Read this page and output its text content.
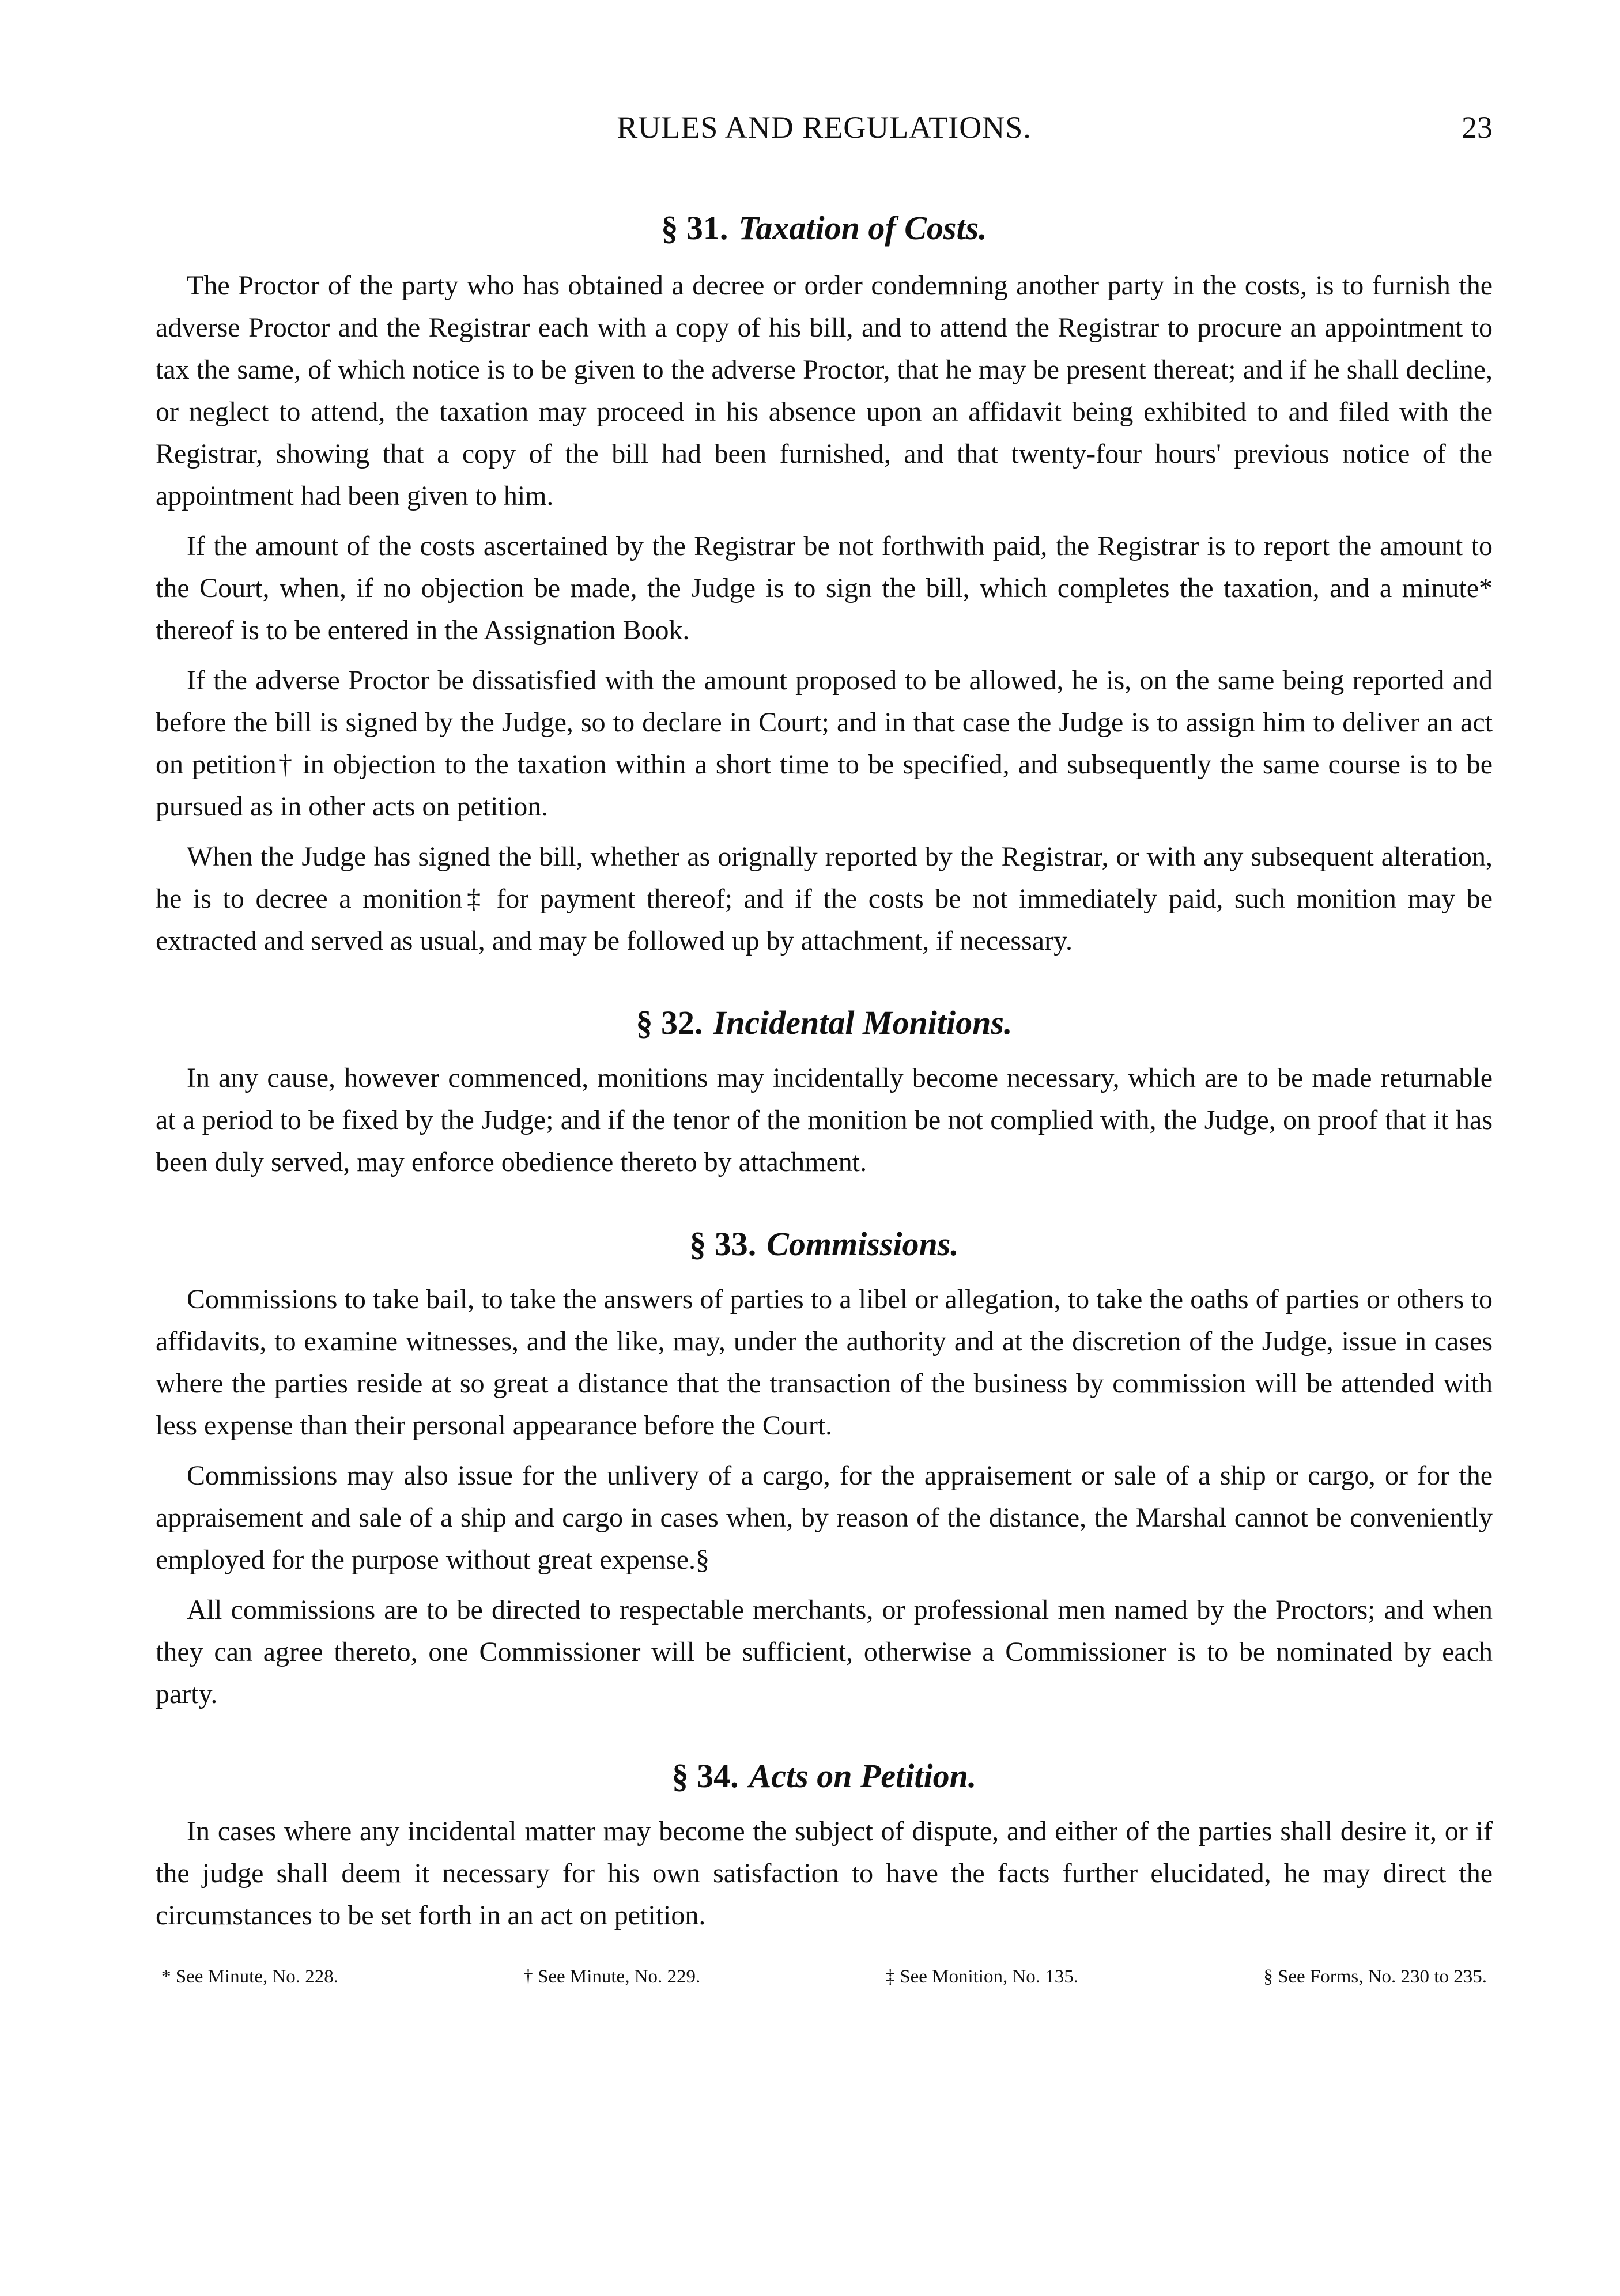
RULES AND REGULATIONS.	23
§ 31. Taxation of Costs.

The Proctor of the party who has obtained a decree or order condemning another party in the costs, is to furnish the adverse Proctor and the Registrar each with a copy of his bill, and to attend the Registrar to procure an appointment to tax the same, of which notice is to be given to the adverse Proctor, that he may be present thereat; and if he shall decline, or neglect to attend, the taxation may proceed in his absence upon an affidavit being exhibited to and filed with the Registrar, showing that a copy of the bill had been furnished, and that twenty-four hours' previous notice of the appointment had been given to him.

If the amount of the costs ascertained by the Registrar be not forthwith paid, the Registrar is to report the amount to the Court, when, if no objection be made, the Judge is to sign the bill, which completes the taxation, and a minute* thereof is to be entered in the Assignation Book.

If the adverse Proctor be dissatisfied with the amount proposed to be allowed, he is, on the same being reported and before the bill is signed by the Judge, so to declare in Court; and in that case the Judge is to assign him to deliver an act on petition† in objection to the taxation within a short time to be specified, and subsequently the same course is to be pursued as in other acts on petition.

When the Judge has signed the bill, whether as orignally reported by the Registrar, or with any subsequent alteration, he is to decree a monition‡ for payment thereof; and if the costs be not immediately paid, such monition may be extracted and served as usual, and may be followed up by attachment, if necessary.

§ 32. Incidental Monitions.

In any cause, however commenced, monitions may incidentally become necessary, which are to be made returnable at a period to be fixed by the Judge; and if the tenor of the monition be not complied with, the Judge, on proof that it has been duly served, may enforce obedience thereto by attachment.

§ 33. Commissions.

Commissions to take bail, to take the answers of parties to a libel or allegation, to take the oaths of parties or others to affidavits, to examine witnesses, and the like, may, under the authority and at the discretion of the Judge, issue in cases where the parties reside at so great a distance that the transaction of the business by commission will be attended with less expense than their personal appearance before the Court.

Commissions may also issue for the unlivery of a cargo, for the appraisement or sale of a ship or cargo, or for the appraisement and sale of a ship and cargo in cases when, by reason of the distance, the Marshal cannot be conveniently employed for the purpose without great expense.§

All commissions are to be directed to respectable merchants, or professional men named by the Proctors; and when they can agree thereto, one Commissioner will be sufficient, otherwise a Commissioner is to be nominated by each party.

§ 34. Acts on Petition.

In cases where any incidental matter may become the subject of dispute, and either of the parties shall desire it, or if the judge shall deem it necessary for his own satisfaction to have the facts further elucidated, he may direct the circumstances to be set forth in an act on petition.

* See Minute, No. 228.	† See Minute, No. 229.	‡ See Monition, No. 135.	§ See Forms, No. 230 to 235.
